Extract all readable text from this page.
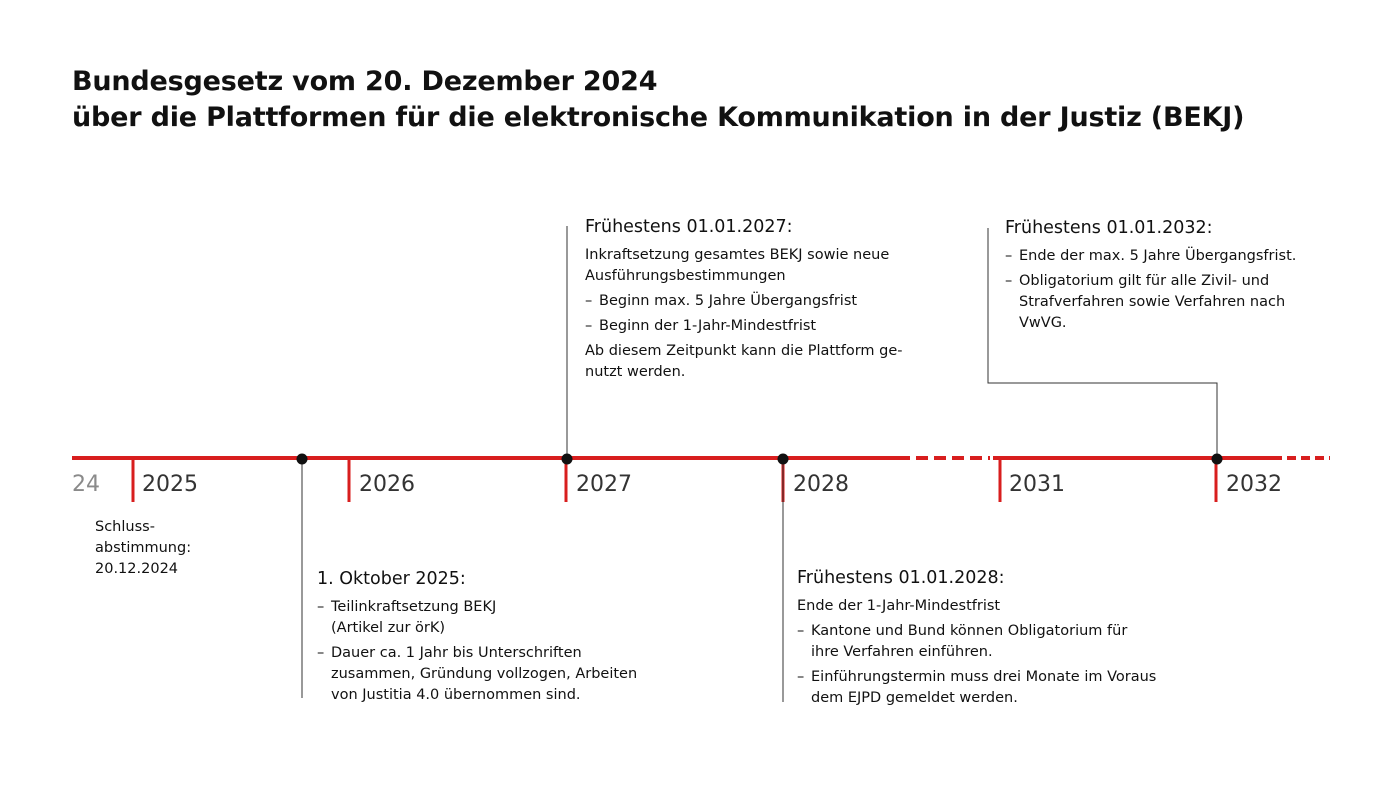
24 2025	2026	2027	2028	2031	2032
Bundesgesetz vom 20. Dezember 2024
über die Plattformen für die elektronische Kommunikation in der Justiz (BEKJ)
Schluss-
abstimmung:
20.12.2024	1. Oktober 2025:
– Teilinkraftsetzung BEKJ (Artikel zur örK)
– Dauer ca. 1 Jahr bis Unterschriften zusammen, Gründung vollzogen, Arbeiten von Justitia 4.0 übernommen sind.
Frühestens 01.01.2027:
Inkraftsetzung gesamtes BEKJ sowie neue Ausführungsbestimmungen
– Beginn max. 5 Jahre Übergangsfrist
– Beginn der 1-Jahr-Mindestfrist
Ab diesem Zeitpunkt kann die Plattform ge-nutzt werden.
Frühestens 01.01.2028:
Ende der 1-Jahr-Mindestfrist
– Kantone und Bund können Obligatorium für ihre Verfahren einführen.
– Einführungstermin muss drei Monate im Voraus dem EJPD gemeldet werden.
Frühestens 01.01.2032:
– Ende der max. 5 Jahre Übergangsfrist.
– Obligatorium gilt für alle Zivil- und Strafverfahren sowie Verfahren nach VwVG.
